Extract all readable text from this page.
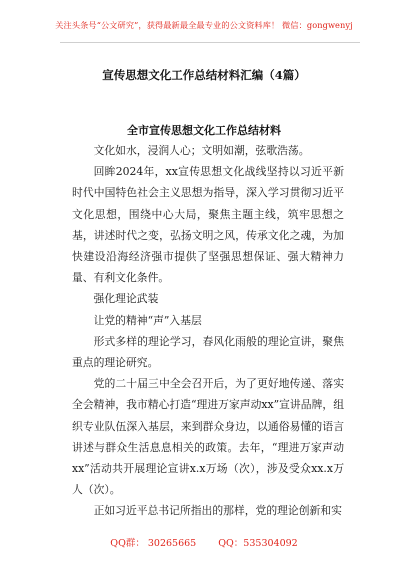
关注头条号“公文研究”，获得最新最全最专业的公文资料库！ 微信：gongwenyj
宣传思想文化工作总结材料汇编（4篇）
全市宣传思想文化工作总结材料

文化如水，浸润人心；文明如潮，弦歌浩荡。

回眸2024年，xx宣传思想文化战线坚持以习近平新时代中国特色社会主义思想为指导，深入学习贯彻习近平文化思想，围绕中心大局，聚焦主题主线，筑牢思想之基，讲述时代之变，弘扬文明之风，传承文化之魂，为加快建设沿海经济强市提供了坚强思想保证、强大精神力量、有利文化条件。

强化理论武装

让党的精神“声”入基层

形式多样的理论学习，春风化雨般的理论宣讲，聚焦重点的理论研究。

党的二十届三中全会召开后，为了更好地传递、落实全会精神，我市精心打造“理进万家声动xx”宣讲品牌，组织专业队伍深入基层，来到群众身边，以通俗易懂的语言讲述与群众生活息息相关的政策。去年，“理进万家声动xx”活动共开展理论宣讲x.x万场（次），涉及受众xx.x万人（次）。

正如习近平总书记所指出的那样，党的理论创新和实

QQ群： 30265665 QQ：535304092
